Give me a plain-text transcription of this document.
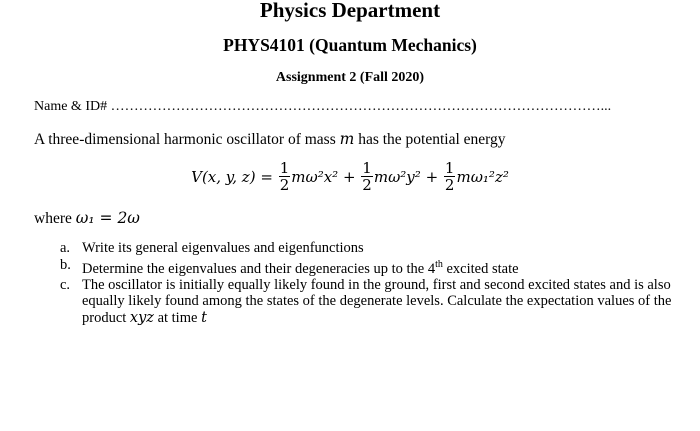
Physics Department
PHYS4101 (Quantum Mechanics)
Assignment 2 (Fall 2020)
Name & ID# ……………………………………………………………………………………………...
A three-dimensional harmonic oscillator of mass m has the potential energy
V(x, y, z) =
$\frac{1}{2} m\omega^2x^2$ +
$\frac{1}{2} m\omega^2y^2$ +
$\frac{1}{2} m\omega_1^2z^2$
where ω₁ = 2ω
a. Write its general eigenvalues and eigenfunctions
b. Determine the eigenvalues and their degeneracies up to the 4th excited state
c. The oscillator is initially equally likely found in the ground, first and second excited states and is also equally likely found among the states of the degenerate levels. Calculate the expectation values of the product xyz at time t
